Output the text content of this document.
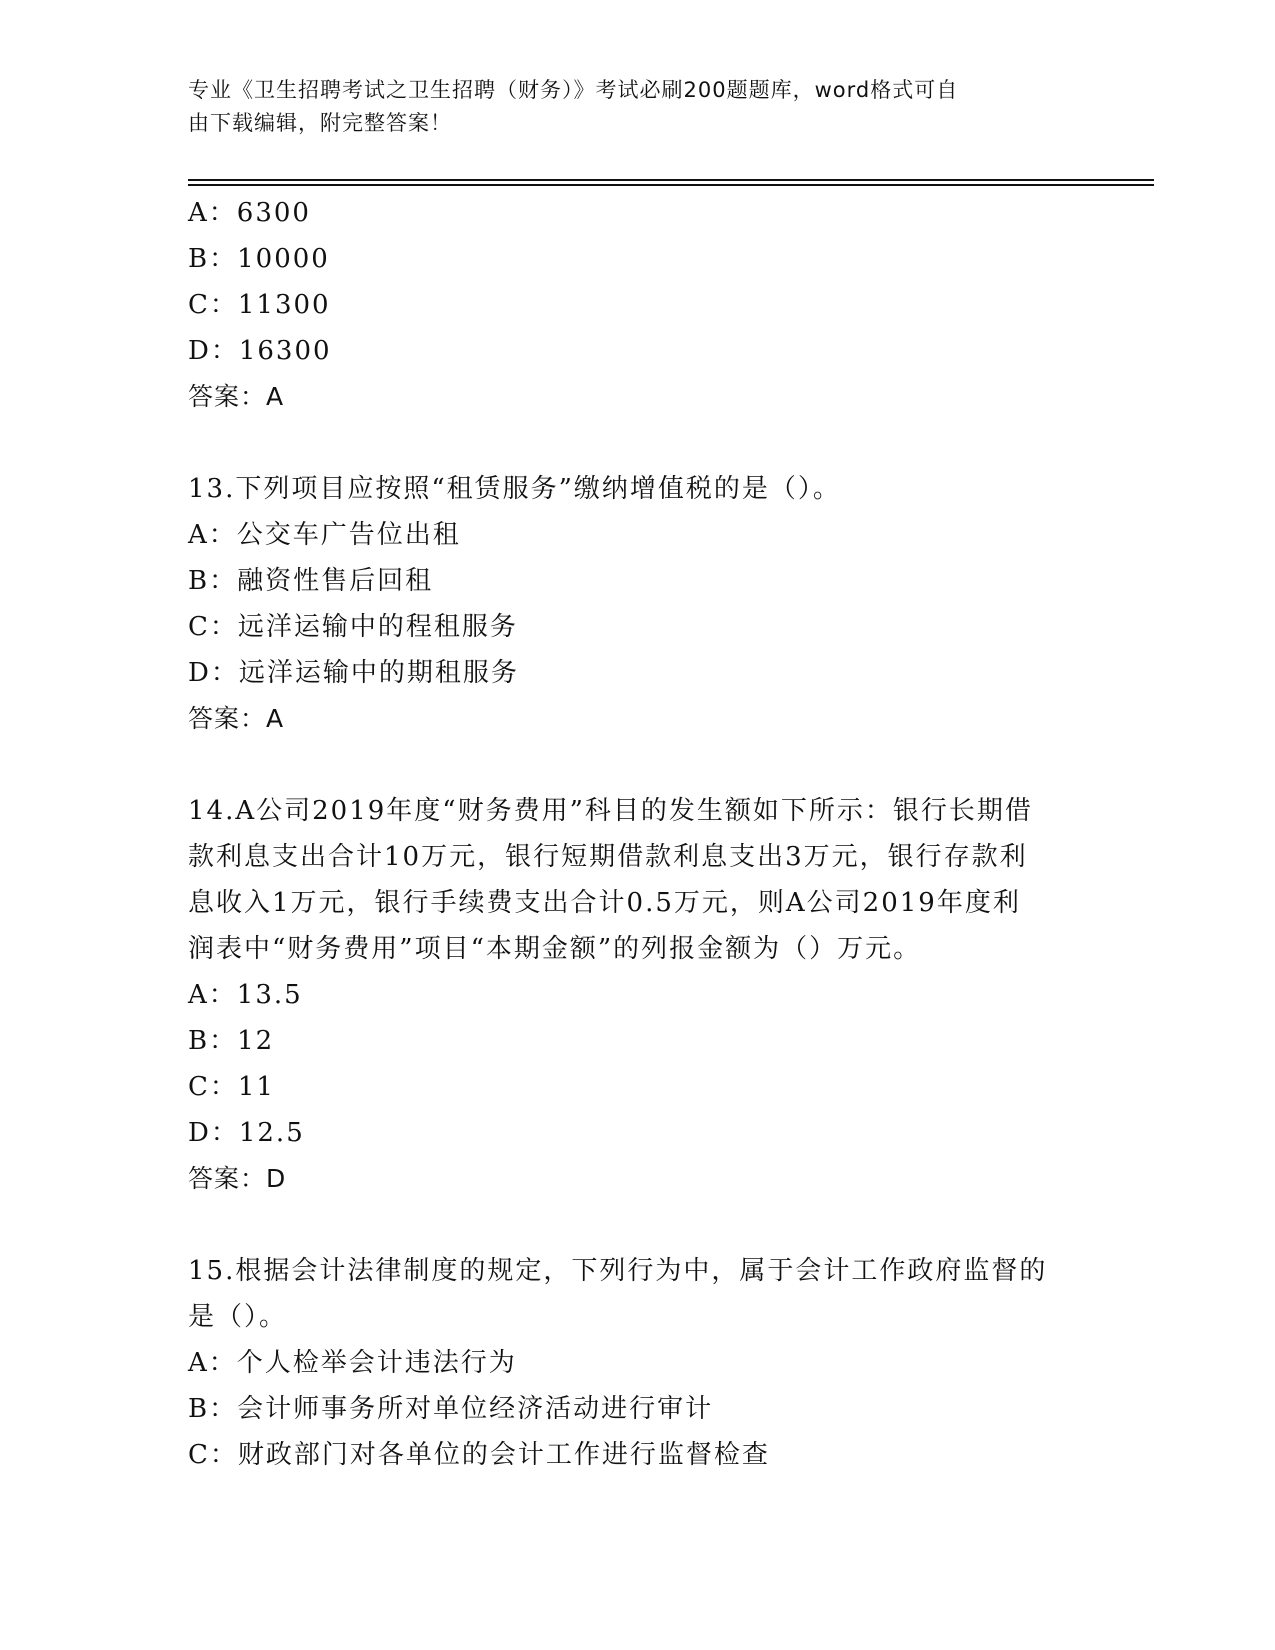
专业《卫生招聘考试之卫生招聘（财务）》考试必刷200题题库，word格式可自
由下载编辑，附完整答案！
A：6300
B：10000
C：11300
D：16300
答案：A
13.下列项目应按照“租赁服务”缴纳增值税的是（）。
A：公交车广告位出租
B：融资性售后回租
C：远洋运输中的程租服务
D：远洋运输中的期租服务
答案：A
14.A公司2019年度“财务费用”科目的发生额如下所示：银行长期借
款利息支出合计10万元，银行短期借款利息支出3万元，银行存款利
息收入1万元，银行手续费支出合计0.5万元，则A公司2019年度利
润表中“财务费用”项目“本期金额”的列报金额为（）万元。
A：13.5
B：12
C：11
D：12.5
答案：D
15.根据会计法律制度的规定，下列行为中，属于会计工作政府监督的
是（）。
A：个人检举会计违法行为
B：会计师事务所对单位经济活动进行审计
C：财政部门对各单位的会计工作进行监督检查
